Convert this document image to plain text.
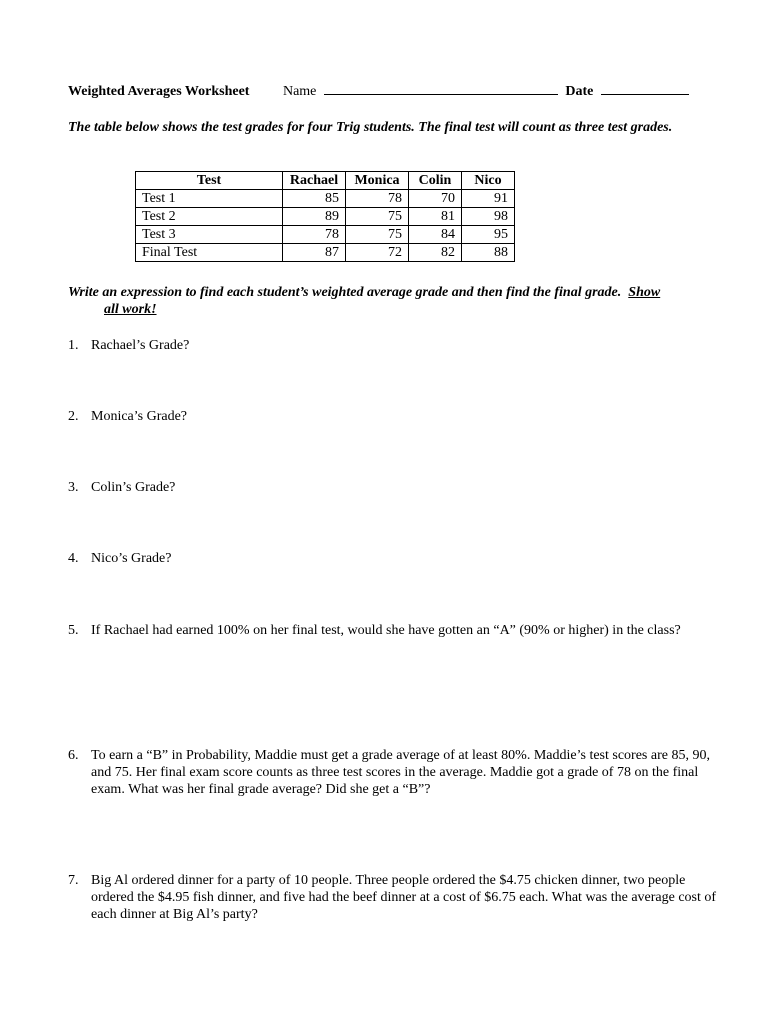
Weighted Averages Worksheet Name	Date
The table below shows the test grades for four Trig students. The final test will count as three test grades.
Test	Rachael	Monica	Colin	Nico
Test 1	85	78	70	91
Test 2	89	75	81	98
Test 3	78	75	84	95
Final Test	87	72	82	88
Write an expression to find each student’s weighted average grade and then find the final grade. Show
all work!
1. Rachael’s Grade?
2. Monica’s Grade?
3. Colin’s Grade?
4. Nico’s Grade?
5. If Rachael had earned 100% on her final test, would she have gotten an “A” (90% or higher) in the class?
6. To earn a “B” in Probability, Maddie must get a grade average of at least 80%. Maddie’s test scores are 85, 90, and 75. Her final exam score counts as three test scores in the average. Maddie got a grade of 78 on the final exam. What was her final grade average? Did she get a “B”?
7. Big Al ordered dinner for a party of 10 people. Three people ordered the $4.75 chicken dinner, two people ordered the $4.95 fish dinner, and five had the beef dinner at a cost of $6.75 each. What was the average cost of each dinner at Big Al’s party?
